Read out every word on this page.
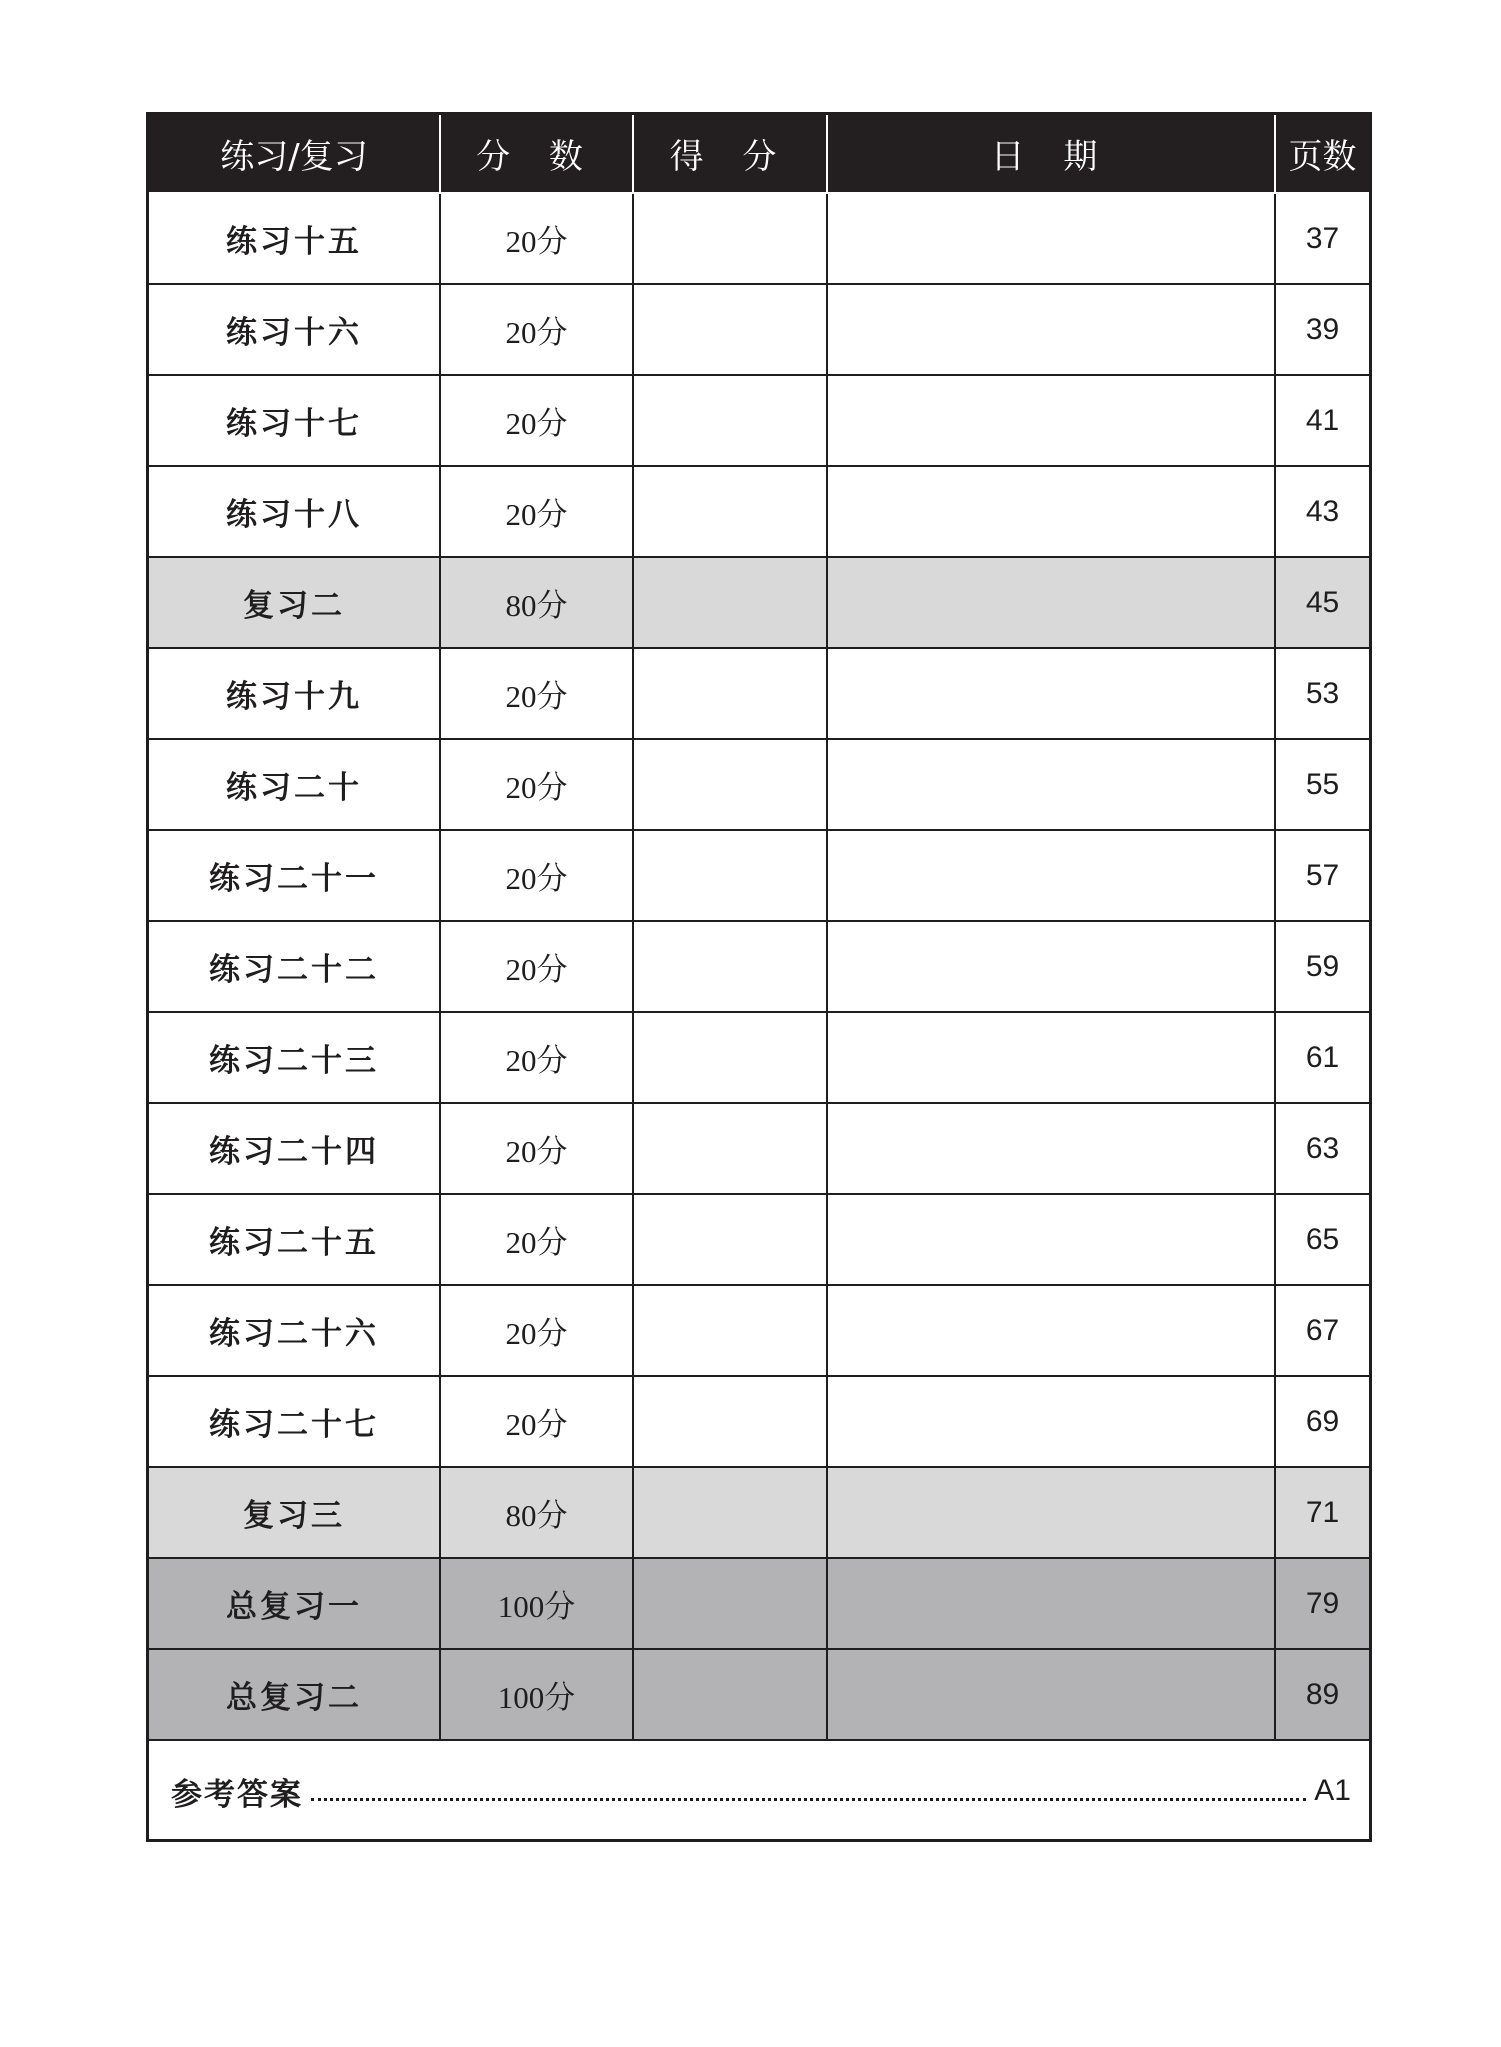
练习/复习	分 数	得 分	日 期	页数
练习十五	20分			37
练习十六	20分			39
练习十七	20分			41
练习十八	20分			43
复习二	80分			45
练习十九	20分			53
练习二十	20分			55
练习二十一	20分			57
练习二十二	20分			59
练习二十三	20分			61
练习二十四	20分			63
练习二十五	20分			65
练习二十六	20分			67
练习二十七	20分			69
复习三	80分			71
总复习一	100分			79
总复习二	100分			89
参考答案	A1
